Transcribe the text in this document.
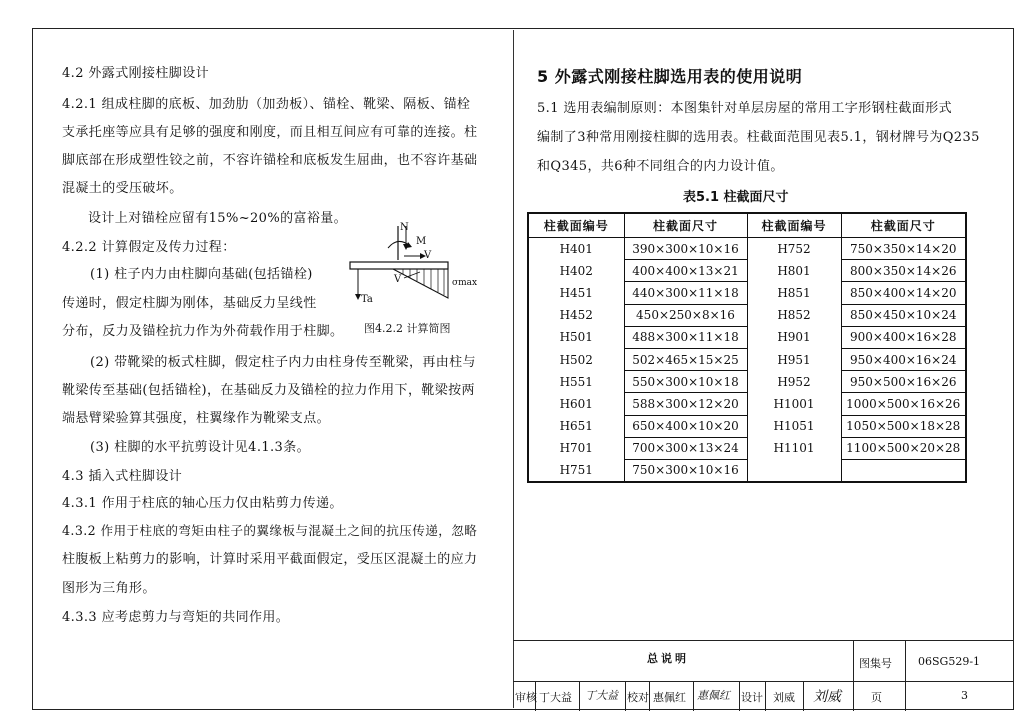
4.2 外露式刚接柱脚设计
4.2.1 组成柱脚的底板、加劲肋（加劲板）、锚栓、靴梁、隔板、锚栓
支承托座等应具有足够的强度和刚度，而且相互间应有可靠的连接。柱
脚底部在形成塑性铰之前，不容许锚栓和底板发生屈曲，也不容许基础
混凝土的受压破坏。
设计上对锚栓应留有15%~20%的富裕量。
4.2.2 计算假定及传力过程：
(1) 柱子内力由柱脚向基础(包括锚栓)
传递时，假定柱脚为刚体，基础反力呈线性
分布，反力及锚栓抗力作为外荷载作用于柱脚。
(2) 带靴梁的板式柱脚，假定柱子内力由柱身传至靴梁，再由柱与
靴梁传至基础(包括锚栓)，在基础反力及锚栓的拉力作用下，靴梁按两
端悬臂梁验算其强度，柱翼缘作为靴梁支点。
(3) 柱脚的水平抗剪设计见4.1.3条。
4.3 插入式柱脚设计
4.3.1 作用于柱底的轴心压力仅由粘剪力传递。
4.3.2 作用于柱底的弯矩由柱子的翼缘板与混凝土之间的抗压传递，忽略
柱腹板上粘剪力的影响，计算时采用平截面假定，受压区混凝土的应力
图形为三角形。
4.3.3 应考虑剪力与弯矩的共同作用。
N
M
V
V
Ta
σmax
图4.2.2 计算简图
5 外露式刚接柱脚选用表的使用说明
5.1 选用表编制原则：本图集针对单层房屋的常用工字形钢柱截面形式
编制了3种常用刚接柱脚的选用表。柱截面范围见表5.1，钢材牌号为Q235
和Q345，共6种不同组合的内力设计值。
表5.1 柱截面尺寸
柱截面编号	柱截面尺寸	柱截面编号	柱截面尺寸
H401	390×300×10×16	H752	750×350×14×20
H402	400×400×13×21	H801	800×350×14×26
H451	440×300×11×18	H851	850×400×14×20
H452	450×250×8×16	H852	850×450×10×24
H501	488×300×11×18	H901	900×400×16×28
H502	502×465×15×25	H951	950×400×16×24
H551	550×300×10×18	H952	950×500×16×26
H601	588×300×12×20	H1001	1000×500×16×26
H651	650×400×10×20	H1051	1050×500×18×28
H701	700×300×13×24	H1101	1100×500×20×28
H751	750×300×10×16		
总说明	图集号 06SG529-1
审核 丁大益 丁大益 校对 惠佩红 惠佩红 设计 刘威 刘威	页	3
